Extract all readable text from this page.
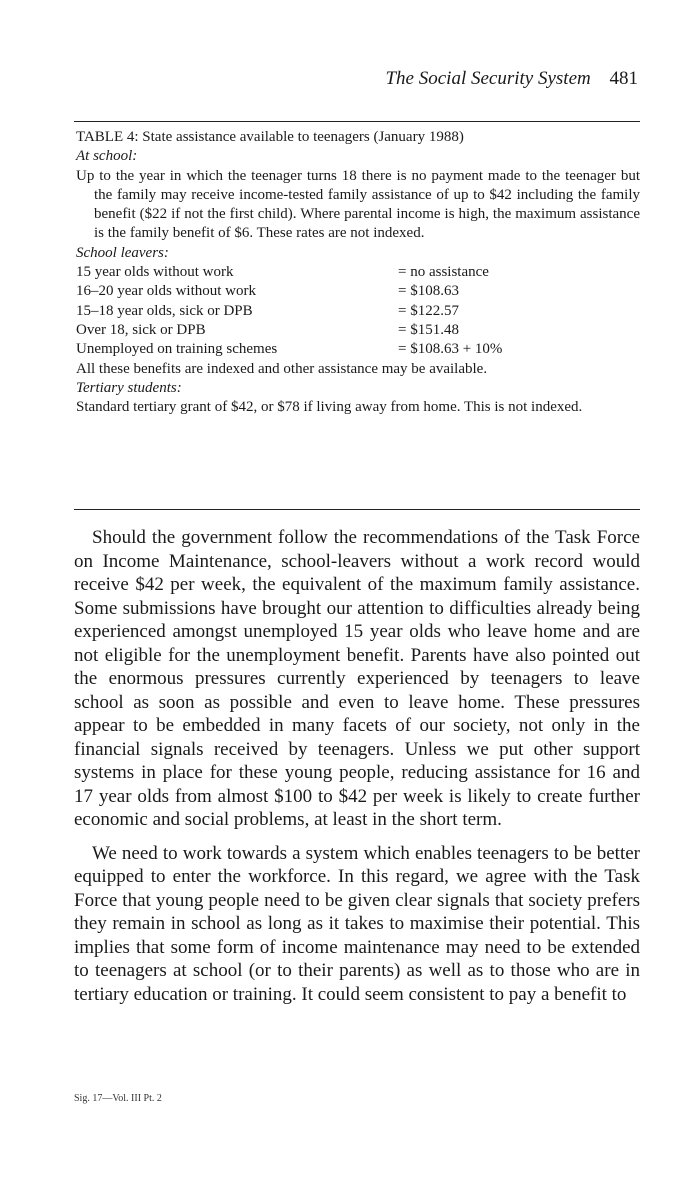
The Social Security System 481

TABLE 4: State assistance available to teenagers (January 1988)

At school:

Up to the year in which the teenager turns 18 there is no payment made to the teenager but the family may receive income-tested family assistance of up to $42 including the family benefit ($22 if not the first child). Where parental income is high, the maximum assistance is the family benefit of $6. These rates are not indexed.

School leavers:

15 year olds without work	= no assistance
16–20 year olds without work	= $108.63
15–18 year olds, sick or DPB	= $122.57
Over 18, sick or DPB	= $151.48
Unemployed on training schemes	= $108.63 + 10%

All these benefits are indexed and other assistance may be available.

Tertiary students:

Standard tertiary grant of $42, or $78 if living away from home. This is not indexed.

Should the government follow the recommendations of the Task Force on Income Maintenance, school-leavers without a work record would receive $42 per week, the equivalent of the maximum family assistance. Some submissions have brought our attention to difficulties already being experienced amongst unemployed 15 year olds who leave home and are not eligible for the unemployment benefit. Parents have also pointed out the enormous pressures currently experienced by teenagers to leave school as soon as possible and even to leave home. These pressures appear to be embedded in many facets of our society, not only in the financial signals received by teenagers. Unless we put other support systems in place for these young people, reducing assistance for 16 and 17 year olds from almost $100 to $42 per week is likely to create further economic and social problems, at least in the short term.

We need to work towards a system which enables teenagers to be better equipped to enter the workforce. In this regard, we agree with the Task Force that young people need to be given clear signals that society prefers they remain in school as long as it takes to maximise their potential. This implies that some form of income maintenance may need to be extended to teenagers at school (or to their parents) as well as to those who are in tertiary education or training. It could seem consistent to pay a benefit to

Sig. 17—Vol. III Pt. 2
